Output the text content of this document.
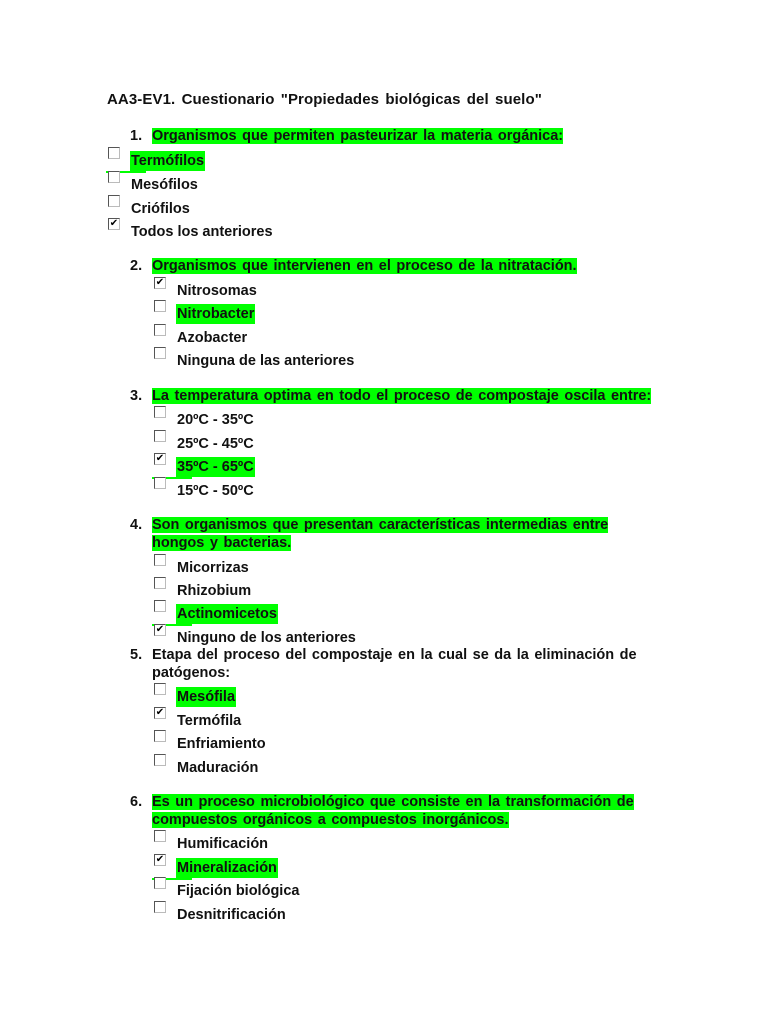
AA3-EV1. Cuestionario "Propiedades biológicas del suelo"
1. Organismos que permiten pasteurizar la materia orgánica:
Termófilos
Mesófilos
Criófilos
✔
Todos los anteriores
2. Organismos que intervienen en el proceso de la nitratación.
✔
Nitrosomas
Nitrobacter
Azobacter
Ninguna de las anteriores
3. La temperatura optima en todo el proceso de compostaje oscila entre:
20ºC - 35ºC
25ºC - 45ºC
✔
35ºC - 65ºC
15ºC - 50ºC
4. Son organismos que presentan características intermedias entre
hongos y bacterias.
Micorrizas
Rhizobium
Actinomicetos
✔
Ninguno de los anteriores
5. Etapa del proceso del compostaje en la cual se da la eliminación de
patógenos:
Mesófila
✔
Termófila
Enfriamiento
Maduración
6. Es un proceso microbiológico que consiste en la transformación de
compuestos orgánicos a compuestos inorgánicos.
Humificación
✔
Mineralización
Fijación biológica
Desnitrificación
